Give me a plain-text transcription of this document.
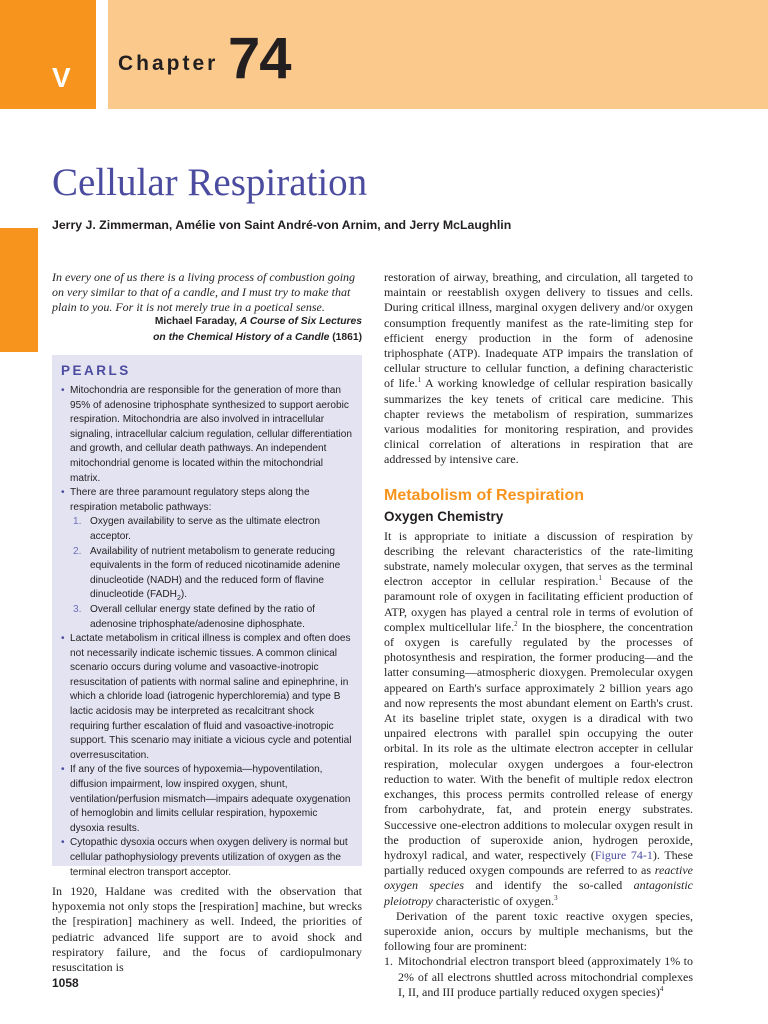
V Chapter 74
Cellular Respiration
Jerry J. Zimmerman, Amélie von Saint André-von Arnim, and Jerry McLaughlin
In every one of us there is a living process of combustion going on very similar to that of a candle, and I must try to make that plain to you. For it is not merely true in a poetical sense.
Michael Faraday, A Course of Six Lectures
on the Chemical History of a Candle (1861)
PEARLS
• Mitochondria are responsible for the generation of more than 95% of adenosine triphosphate synthesized to support aerobic respiration. Mitochondria are also involved in intracellular signaling, intracellular calcium regulation, cellular differentiation and growth, and cellular death pathways. An independent mitochondrial genome is located within the mitochondrial matrix.
• There are three paramount regulatory steps along the respiration metabolic pathways:
1. Oxygen availability to serve as the ultimate electron acceptor.
2. Availability of nutrient metabolism to generate reducing equivalents in the form of reduced nicotinamide adenine dinucleotide (NADH) and the reduced form of flavine dinucleotide $(FADH_2)$.
3. Overall cellular energy state defined by the ratio of adenosine triphosphate/adenosine diphosphate.
• Lactate metabolism in critical illness is complex and often does not necessarily indicate ischemic tissues. A common clinical scenario occurs during volume and vasoactive-inotropic resuscitation of patients with normal saline and epinephrine, in which a chloride load (iatrogenic hyperchloremia) and type B lactic acidosis may be interpreted as recalcitrant shock requiring further escalation of fluid and vasoactive-inotropic support. This scenario may initiate a vicious cycle and potential overresuscitation.
• If any of the five sources of hypoxemia—hypoventilation, diffusion impairment, low inspired oxygen, shunt, ventilation/perfusion mismatch—impairs adequate oxygenation of hemoglobin and limits cellular respiration, hypoxemic dysoxia results.
• Cytopathic dysoxia occurs when oxygen delivery is normal but cellular pathophysiology prevents utilization of oxygen as the terminal electron transport acceptor.
In 1920, Haldane was credited with the observation that hypoxemia not only stops the [respiration] machine, but wrecks the [respiration] machinery as well. Indeed, the priorities of pediatric advanced life support are to avoid shock and respiratory failure, and the focus of cardiopulmonary resuscitation is

restoration of airway, breathing, and circulation, all targeted to maintain or reestablish oxygen delivery to tissues and cells. During critical illness, marginal oxygen delivery and/or oxygen consumption frequently manifest as the rate-limiting step for efficient energy production in the form of adenosine triphosphate (ATP). Inadequate ATP impairs the translation of cellular structure to cellular function, a defining characteristic of life.$^1$ A working knowledge of cellular respiration basically summarizes the key tenets of critical care medicine. This chapter reviews the metabolism of respiration, summarizes various modalities for monitoring respiration, and provides clinical correlation of alterations in respiration that are addressed by intensive care.

Metabolism of Respiration
Oxygen Chemistry

It is appropriate to initiate a discussion of respiration by describing the relevant characteristics of the rate-limiting substrate, namely molecular oxygen, that serves as the terminal electron acceptor in cellular respiration.$^1$ Because of the paramount role of oxygen in facilitating efficient production of ATP, oxygen has played a central role in terms of evolution of complex multicellular life.$^2$ In the biosphere, the concentration of oxygen is carefully regulated by the processes of photosynthesis and respiration, the former producing—and the latter consuming—atmospheric dioxygen. Premolecular oxygen appeared on Earth's surface approximately 2 billion years ago and now represents the most abundant element on Earth's crust. At its baseline triplet state, oxygen is a diradical with two unpaired electrons with parallel spin occupying the outer orbital. In its role as the ultimate electron accepter in cellular respiration, molecular oxygen undergoes a four-electron reduction to water. With the benefit of multiple redox electron exchanges, this process permits controlled release of energy from carbohydrate, fat, and protein energy substrates. Successive one-electron additions to molecular oxygen result in the production of superoxide anion, hydrogen peroxide, hydroxyl radical, and water, respectively (Figure 74-1). These partially reduced oxygen compounds are referred to as reactive oxygen species and identify the so-called antagonistic pleiotropy characteristic of oxygen.$^3$

Derivation of the parent toxic reactive oxygen species, superoxide anion, occurs by multiple mechanisms, but the following four are prominent:

1. Mitochondrial electron transport bleed (approximately 1% to 2% of all electrons shuttled across mitochondrial complexes I, II, and III produce partially reduced oxygen species)$^4$
1058
